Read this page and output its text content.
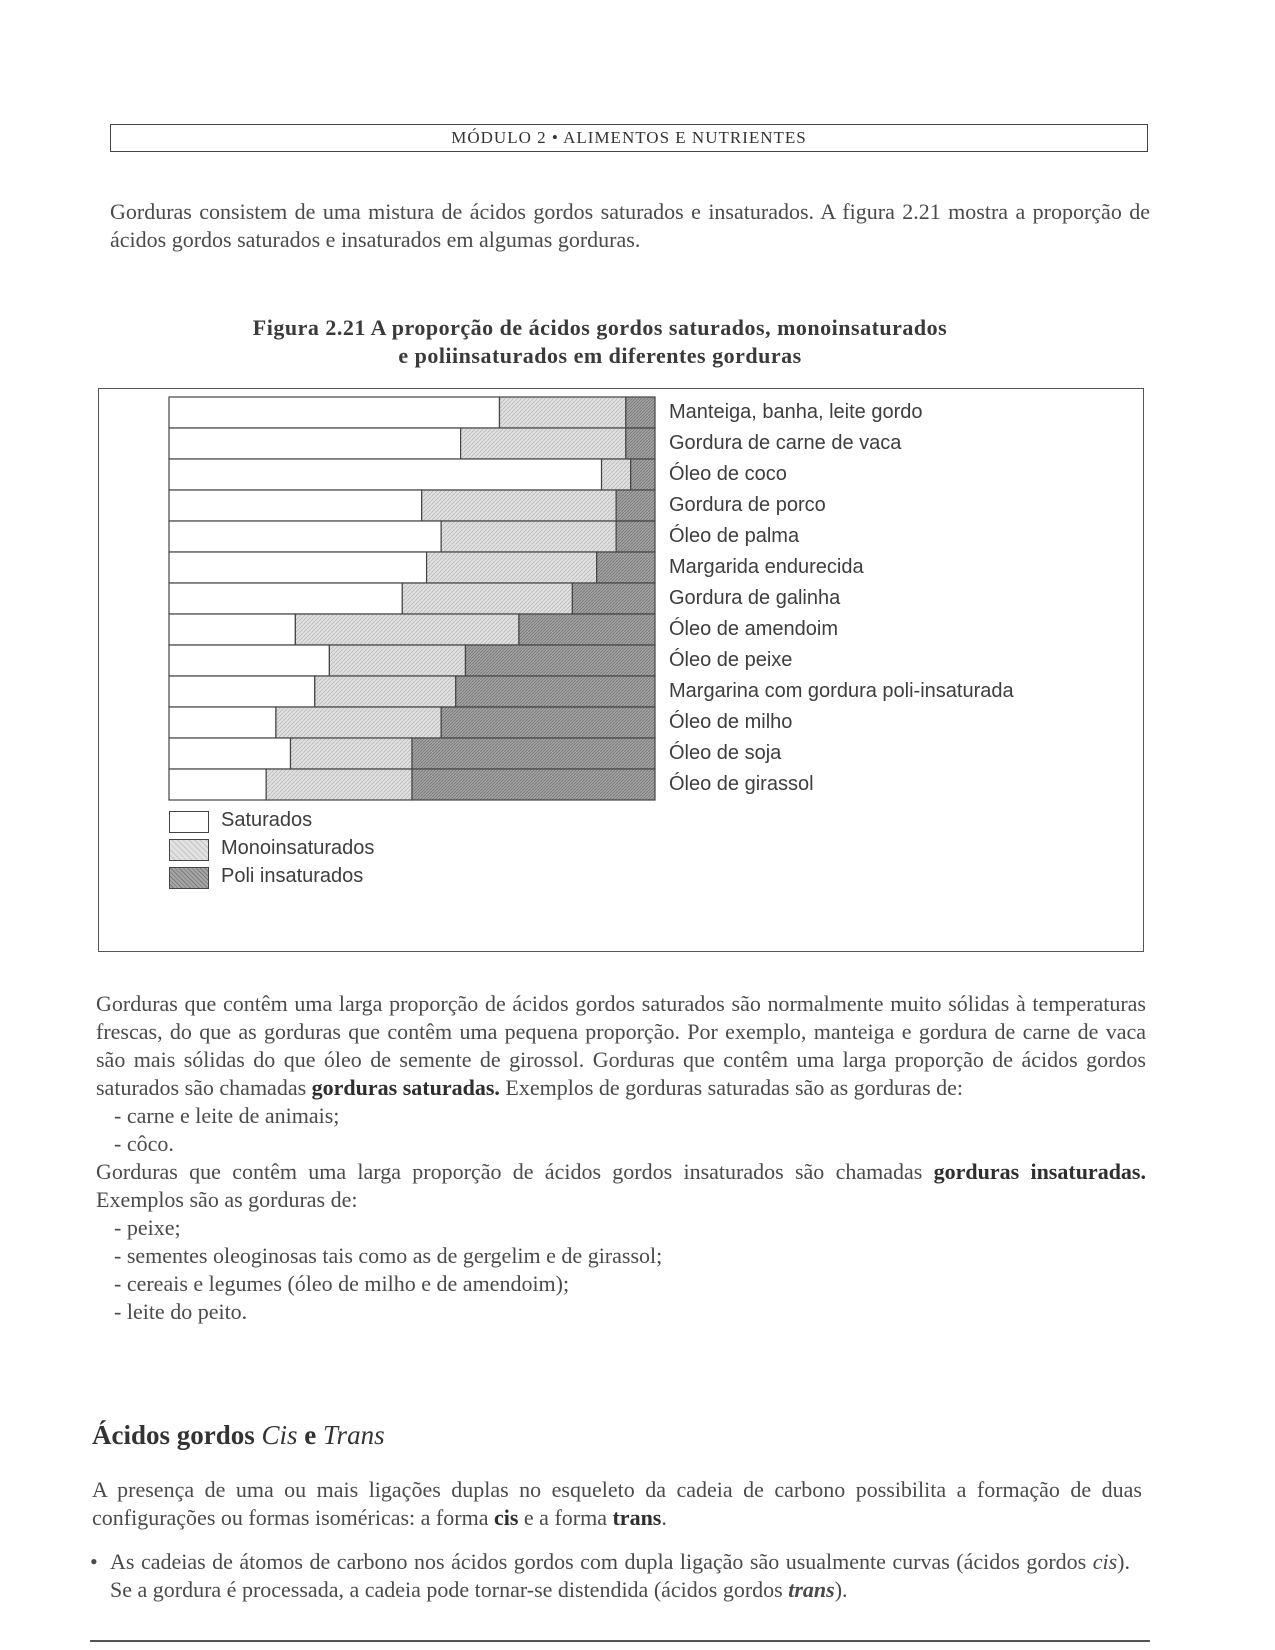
MÓDULO 2 • ALIMENTOS E NUTRIENTES
Gorduras consistem de uma mistura de ácidos gordos saturados e insaturados. A figura 2.21 mostra a proporção de ácidos gordos saturados e insaturados em algumas gorduras.
Figura 2.21 A proporção de ácidos gordos saturados, monoinsaturados
e poliinsaturados em diferentes gorduras
Manteiga, banha, leite gordo
Gordura de carne de vaca
Óleo de coco
Gordura de porco
Óleo de palma
Margarida endurecida
Gordura de galinha
Óleo de amendoim
Óleo de peixe
Margarina com gordura poli-insaturada
Óleo de milho
Óleo de soja
Óleo de girassol
Saturados
Monoinsaturados
Poli insaturados
Gorduras que contêm uma larga proporção de ácidos gordos saturados são normalmente muito sólidas à temperaturas frescas, do que as gorduras que contêm uma pequena proporção. Por exemplo, manteiga e gordura de carne de vaca são mais sólidas do que óleo de semente de girossol. Gorduras que contêm uma larga proporção de ácidos gordos saturados são chamadas gorduras saturadas. Exemplos de gorduras saturadas são as gorduras de:
- carne e leite de animais;
- côco.
Gorduras que contêm uma larga proporção de ácidos gordos insaturados são chamadas gorduras insaturadas. Exemplos são as gorduras de:
- peixe;
- sementes oleoginosas tais como as de gergelim e de girassol;
- cereais e legumes (óleo de milho e de amendoim);
- leite do peito.
Ácidos gordos Cis e Trans
A presença de uma ou mais ligações duplas no esqueleto da cadeia de carbono possibilita a formação de duas configurações ou formas isoméricas: a forma cis e a forma trans.
• As cadeias de átomos de carbono nos ácidos gordos com dupla ligação são usualmente curvas (ácidos gordos cis). Se a gordura é processada, a cadeia pode tornar-se distendida (ácidos gordos trans).
